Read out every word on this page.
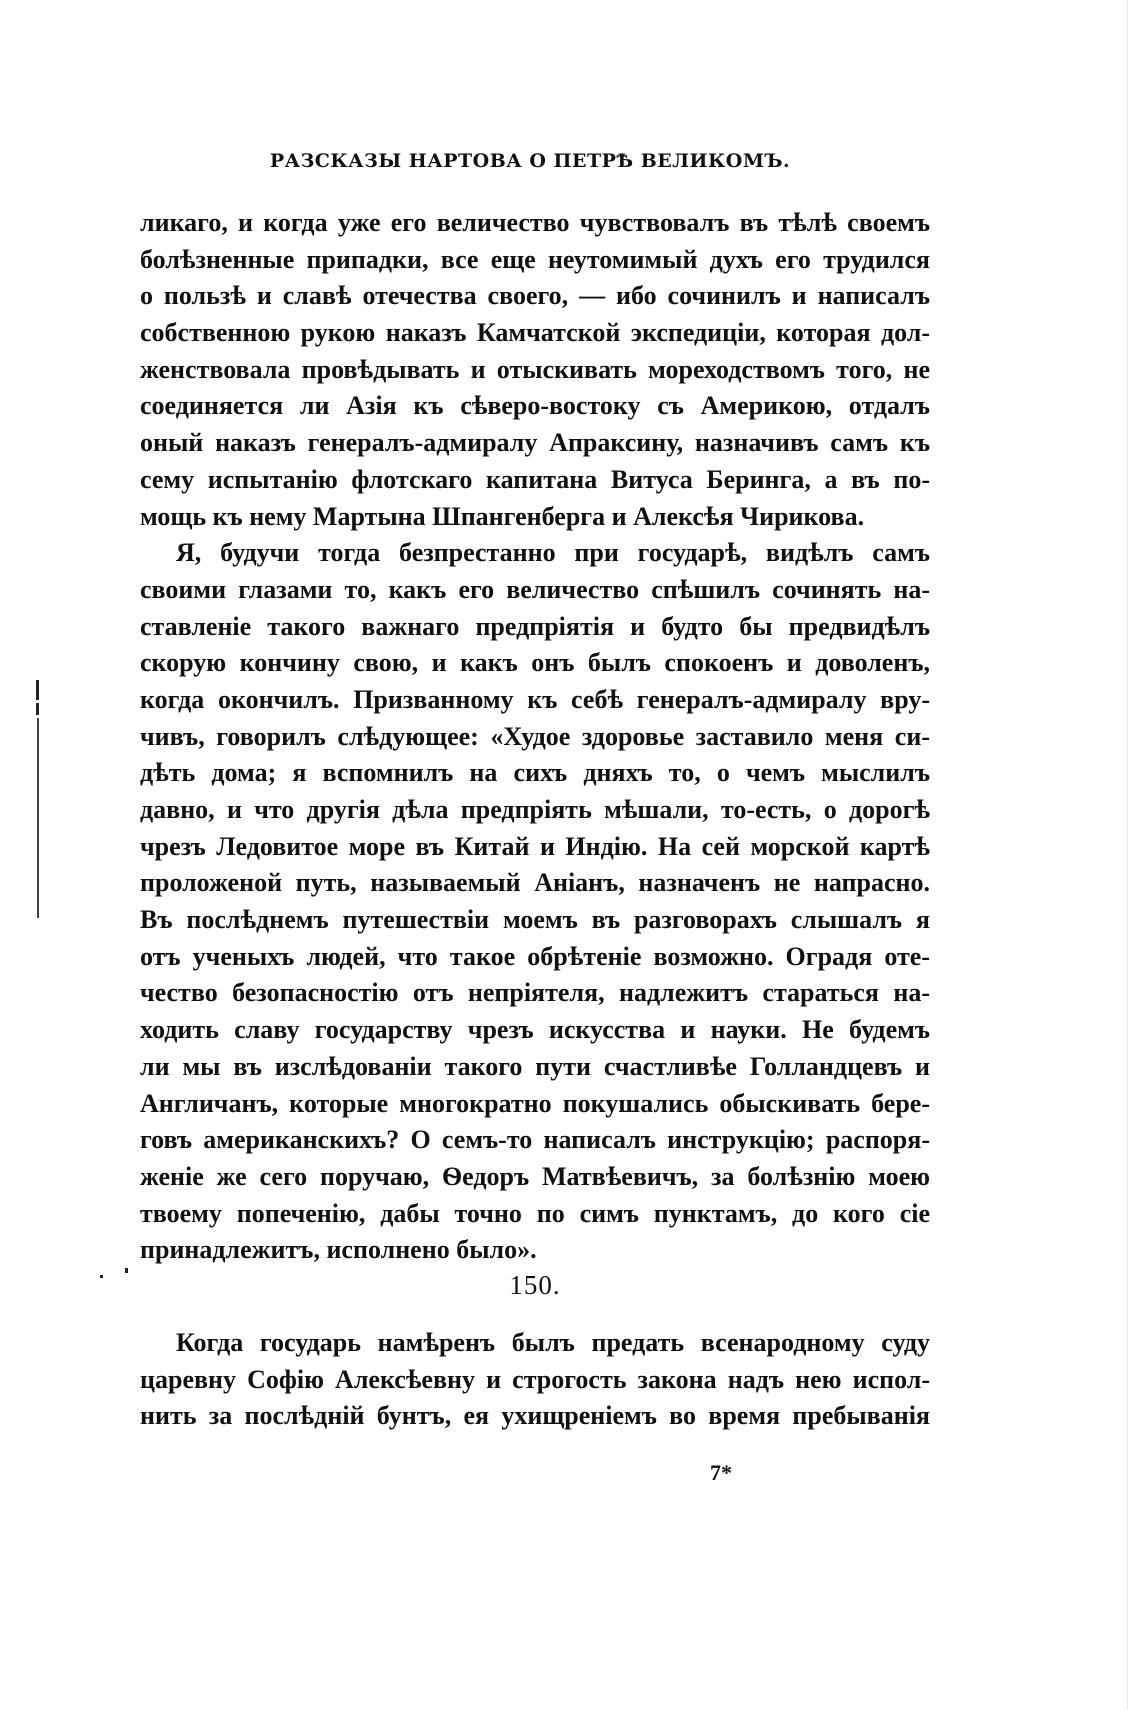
РАЗСКАЗЫ НАРТОВА О ПЕТРѢ ВЕЛИКОМЪ.
ликаго, и когда уже его величество чувствовалъ въ тѣлѣ своемъ
болѣзненные припадки, все еще неутомимый духъ его трудился
о пользѣ и славѣ отечества своего, — ибо сочинилъ и написалъ
собственною рукою наказъ Камчатской экспедиціи, которая дол-
женствовала провѣдывать и отыскивать мореходствомъ того, не
соединяется ли Азія къ сѣверо-востоку съ Америкою, отдалъ
оный наказъ генералъ-адмиралу Апраксину, назначивъ самъ къ
сему испытанію флотскаго капитана Витуса Беринга, а въ по-
мощь къ нему Мартына Шпангенберга и Алексѣя Чирикова.
Я, будучи тогда безпрестанно при государѣ, видѣлъ самъ
своими глазами то, какъ его величество спѣшилъ сочинять на-
ставленіе такого важнаго предпріятія и будто бы предвидѣлъ
скорую кончину свою, и какъ онъ былъ спокоенъ и доволенъ,
когда окончилъ. Призванному къ себѣ генералъ-адмиралу вру-
чивъ, говорилъ слѣдующее: «Худое здоровье заставило меня си-
дѣть дома; я вспомнилъ на сихъ дняхъ то, о чемъ мыслилъ
давно, и что другія дѣла предпріять мѣшали, то-есть, о дорогѣ
чрезъ Ледовитое море въ Китай и Индію. На сей морской картѣ
проложеной путь, называемый Аніанъ, назначенъ не напрасно.
Въ послѣднемъ путешествіи моемъ въ разговорахъ слышалъ я
отъ ученыхъ людей, что такое обрѣтеніе возможно. Оградя оте-
чество безопасностію отъ непріятеля, надлежитъ стараться на-
ходить славу государству чрезъ искусства и науки. Не будемъ
ли мы въ изслѣдованіи такого пути счастливѣе Голландцевъ и
Англичанъ, которые многократно покушались обыскивать бере-
говъ американскихъ? О семъ-то написалъ инструкцію; распоря-
женіе же сего поручаю, Ѳедоръ Матвѣевичъ, за болѣзнію моею
твоему попеченію, дабы точно по симъ пунктамъ, до кого сіе
принадлежитъ, исполнено было».
150.
Когда государь намѣренъ былъ предать всенародному суду
царевну Софію Алексѣевну и строгость закона надъ нею испол-
нить за послѣдній бунтъ, ея ухищреніемъ во время пребыванія
7*
